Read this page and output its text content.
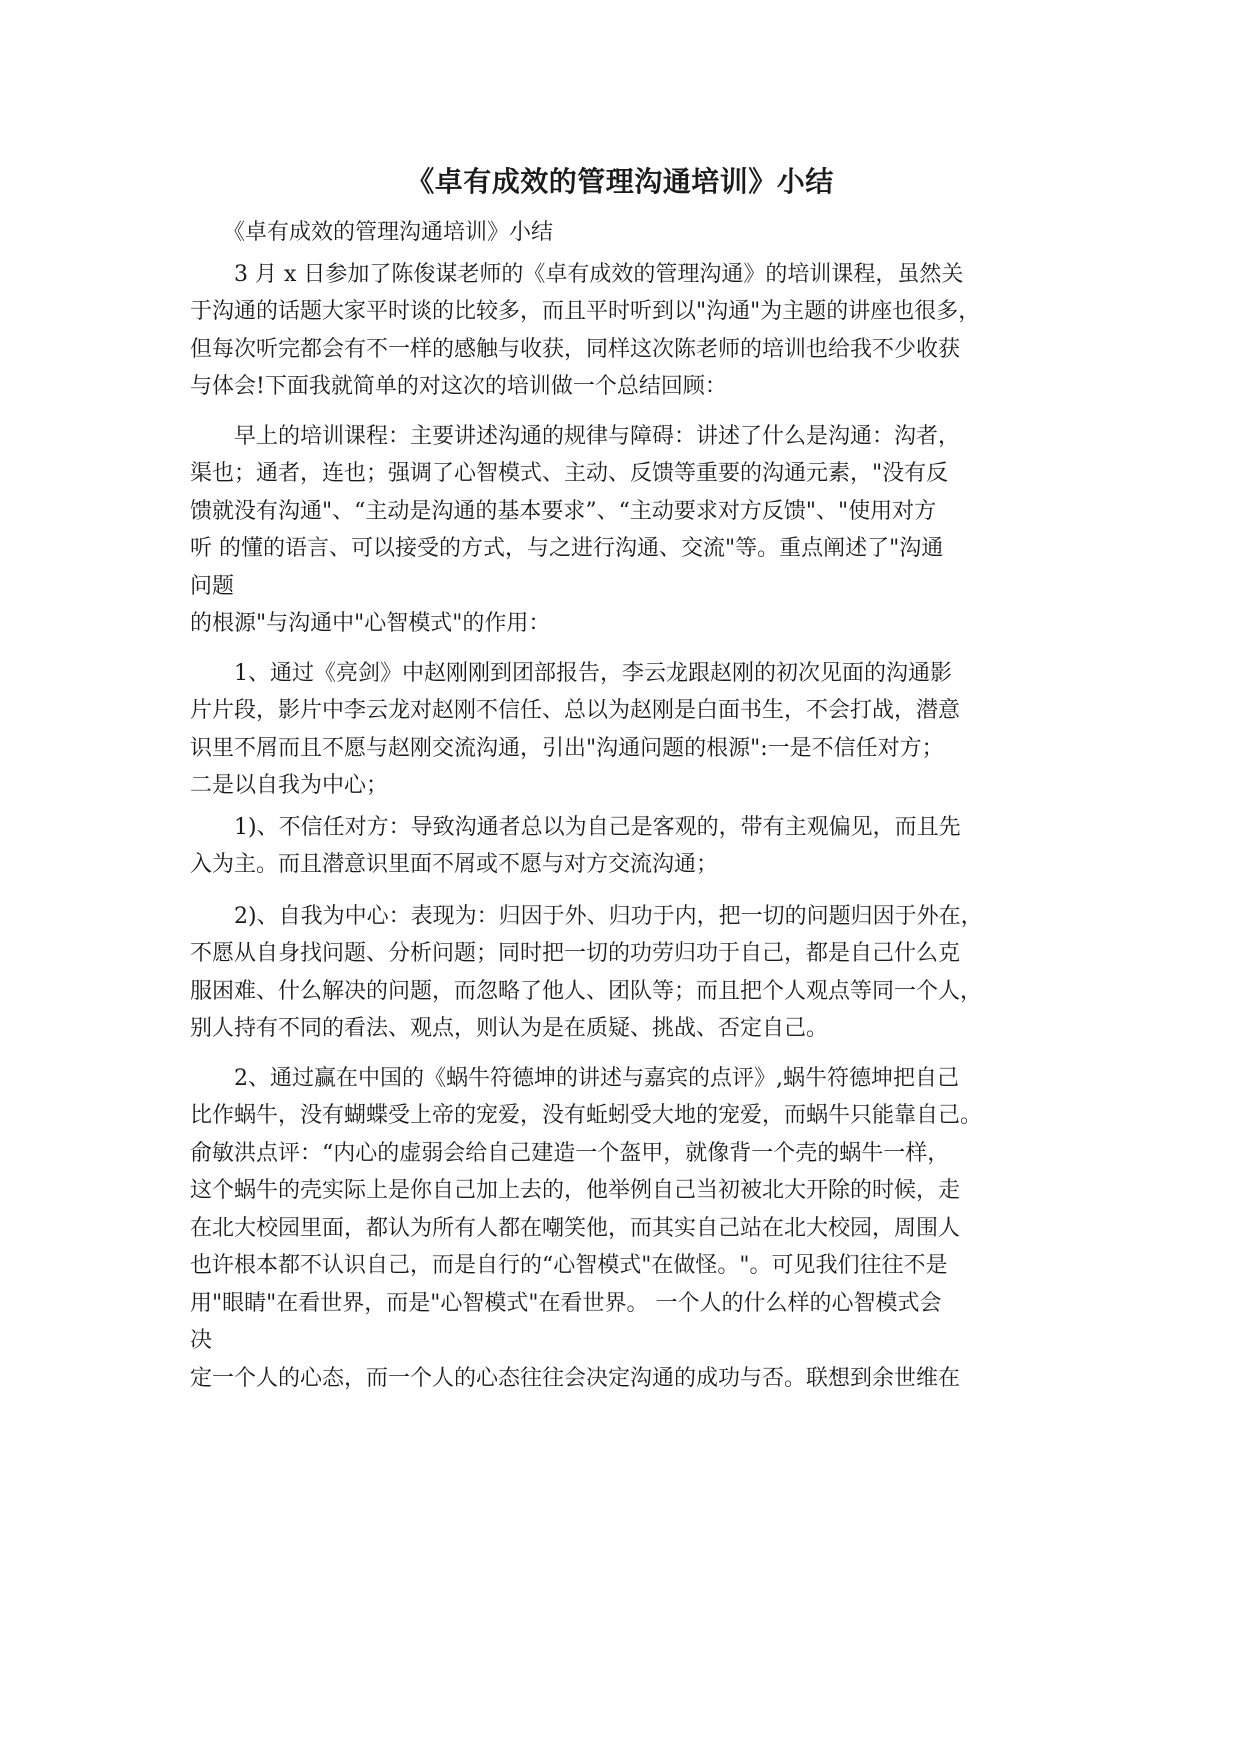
《卓有成效的管理沟通培训》小结

　　《卓有成效的管理沟通培训》小结

　　3 月 x 日参加了陈俊谋老师的《卓有成效的管理沟通》的培训课程，虽然关
于沟通的话题大家平时谈的比较多，而且平时听到以"沟通"为主题的讲座也很多，
但每次听完都会有不一样的感触与收获，同样这次陈老师的培训也给我不少收获
与体会!下面我就简单的对这次的培训做一个总结回顾：

　　早上的培训课程：主要讲述沟通的规律与障碍：讲述了什么是沟通：沟者，
渠也；通者，连也；强调了心智模式、主动、反馈等重要的沟通元素，"没有反
馈就没有沟通"、“主动是沟通的基本要求”、“主动要求对方反馈"、"使用对方
听 的懂的语言、可以接受的方式，与之进行沟通、交流"等。重点阐述了"沟通
问题
的根源"与沟通中"心智模式"的作用：

　　1、通过《亮剑》中赵刚刚到团部报告，李云龙跟赵刚的初次见面的沟通影
片片段，影片中李云龙对赵刚不信任、总以为赵刚是白面书生，不会打战，潜意
识里不屑而且不愿与赵刚交流沟通，引出"沟通问题的根源":一是不信任对方；
二是以自我为中心；

　　1)、不信任对方：导致沟通者总以为自己是客观的，带有主观偏见，而且先
入为主。而且潜意识里面不屑或不愿与对方交流沟通；

　　2)、自我为中心：表现为：归因于外、归功于内，把一切的问题归因于外在，
不愿从自身找问题、分析问题；同时把一切的功劳归功于自己，都是自己什么克
服困难、什么解决的问题，而忽略了他人、团队等；而且把个人观点等同一个人，
别人持有不同的看法、观点，则认为是在质疑、挑战、否定自己。

　　2、通过赢在中国的《蜗牛符德坤的讲述与嘉宾的点评》,蜗牛符德坤把自己
比作蜗牛，没有蝴蝶受上帝的宠爱，没有蚯蚓受大地的宠爱，而蜗牛只能靠自己。
俞敏洪点评：“内心的虚弱会给自己建造一个盔甲，就像背一个壳的蜗牛一样，
这个蜗牛的壳实际上是你自己加上去的，他举例自己当初被北大开除的时候，走
在北大校园里面，都认为所有人都在嘲笑他，而其实自己站在北大校园，周围人
也许根本都不认识自己，而是自行的“心智模式"在做怪。"。可见我们往往不是
用"眼睛"在看世界，而是"心智模式"在看世界。 一个人的什么样的心智模式会
决
定一个人的心态，而一个人的心态往往会决定沟通的成功与否。联想到余世维在
